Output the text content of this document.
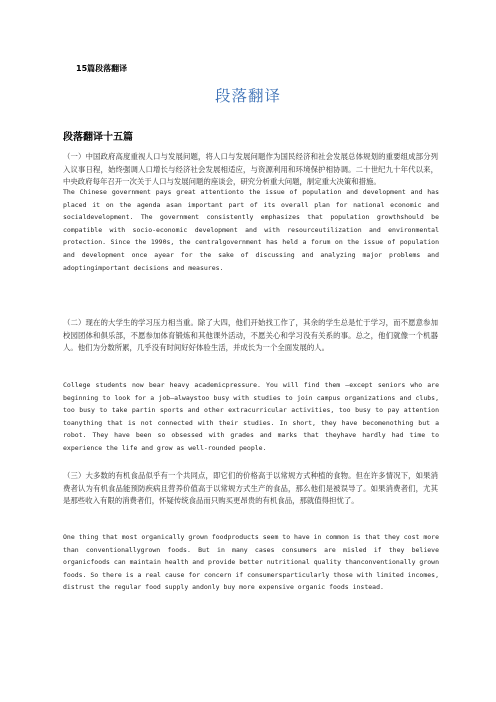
15篇段落翻译
段落翻译
段落翻译十五篇
（一）中国政府高度重视人口与发展问题，将人口与发展问题作为国民经济和社会发展总体规划的重要组成部分列入议事日程，始终强调人口增长与经济社会发展相适应，与资源利用和环境保护相协调。二十世纪九十年代以来，中央政府每年召开一次关于人口与发展问题的座谈会，研究分析重大问题，制定重大决策和措施。
The Chinese government pays great attentionto the issue of population and development and has placed it on the agenda asan important part of its overall plan for national economic and socialdevelopment. The government consistently emphasizes that population growthshould be compatible with socio-economic development and with resourceutilization and environmental protection. Since the 1990s, the centralgovernment has held a forum on the issue of population and development once ayear for the sake of discussing and analyzing major problems and adoptingimportant decisions and measures.
（二）现在的大学生的学习压力相当重。除了大四，他们开始找工作了，其余的学生总是忙于学习，而不愿意参加校园团体和俱乐部，不愿参加体育锻炼和其他课外活动，不愿关心和学习没有关系的事。总之，他们就像一个机器人。他们为分数所累，几乎没有时间好好体验生活，并成长为一个全面发展的人。
College students now bear heavy academicpressure. You will find them –except seniors who are beginning to look for a job—alwaystoo busy with studies to join campus organizations and clubs, too busy to take partin sports and other extracurricular activities, too busy to pay attention toanything that is not connected with their studies. In short, they have becomenothing but a robot. They have been so obsessed with grades and marks that theyhave hardly had time to experience the life and grow as well-rounded people.
（三）大多数的有机食品似乎有一个共同点，即它们的价格高于以常规方式种植的食物。但在许多情况下，如果消费者认为有机食品能预防疾病且营养价值高于以常规方式生产的食品，那么他们是被误导了。如果消费者们，尤其是那些收入有限的消费者们，怀疑传统食品而只购买更昂贵的有机食品，那就值得担忧了。
One thing that most organically grown foodproducts seem to have in common is that they cost more than conventionallygrown foods. But in many cases consumers are misled if they believe organicfoods can maintain health and provide better nutritional quality thanconventionally grown foods. So there is a real cause for concern if consumersparticularly those with limited incomes, distrust the regular food supply andonly buy more expensive organic foods instead.
